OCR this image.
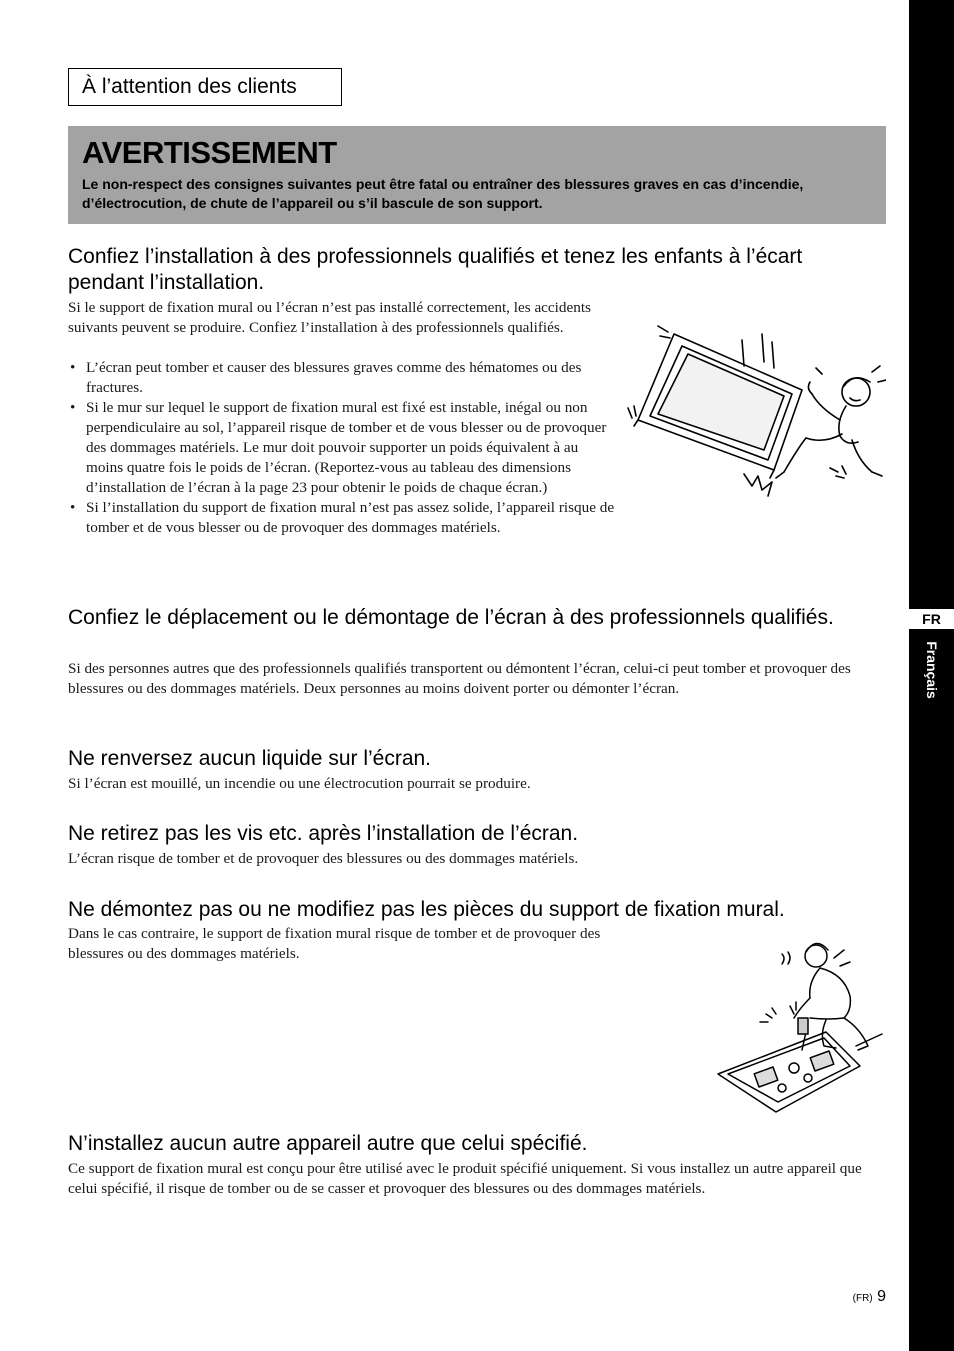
FR
Français
À l’attention des clients
AVERTISSEMENT

Le non-respect des consignes suivantes peut être fatal ou entraîner des blessures graves en cas d’incendie, d’électrocution, de chute de l’appareil ou s’il bascule de son support.

Confiez l’installation à des professionnels qualifiés et tenez les enfants à l’écart pendant l’installation.

Si le support de fixation mural ou l’écran n’est pas installé correctement, les accidents suivants peuvent se produire. Confiez l’installation à des professionnels qualifiés.

• L’écran peut tomber et causer des blessures graves comme des hématomes ou des fractures.
• Si le mur sur lequel le support de fixation mural est fixé est instable, inégal ou non perpendiculaire au sol, l’appareil risque de tomber et de vous blesser ou de provoquer des dommages matériels. Le mur doit pouvoir supporter un poids équivalent à au moins quatre fois le poids de l’écran. (Reportez-vous au tableau des dimensions d’installation de l’écran à la page 23 pour obtenir le poids de chaque écran.)
• Si l’installation du support de fixation mural n’est pas assez solide, l’appareil risque de tomber et de vous blesser ou de provoquer des dommages matériels.
Confiez le déplacement ou le démontage de l’écran à des professionnels qualifiés.

Si des personnes autres que des professionnels qualifiés transportent ou démontent l’écran, celui-ci peut tomber et provoquer des blessures ou des dommages matériels. Deux personnes au moins doivent porter ou démonter l’écran.

Ne renversez aucun liquide sur l’écran.

Si l’écran est mouillé, un incendie ou une électrocution pourrait se produire.

Ne retirez pas les vis etc. après l’installation de l’écran.

L’écran risque de tomber et de provoquer des blessures ou des dommages matériels.

Ne démontez pas ou ne modifiez pas les pièces du support de fixation mural.

Dans le cas contraire, le support de fixation mural risque de tomber et de provoquer des blessures ou des dommages matériels.

N’installez aucun autre appareil autre que celui spécifié.

Ce support de fixation mural est conçu pour être utilisé avec le produit spécifié uniquement. Si vous installez un autre appareil que celui spécifié, il risque de tomber ou de se casser et provoquer des blessures ou des dommages matériels.

(FR) 9
